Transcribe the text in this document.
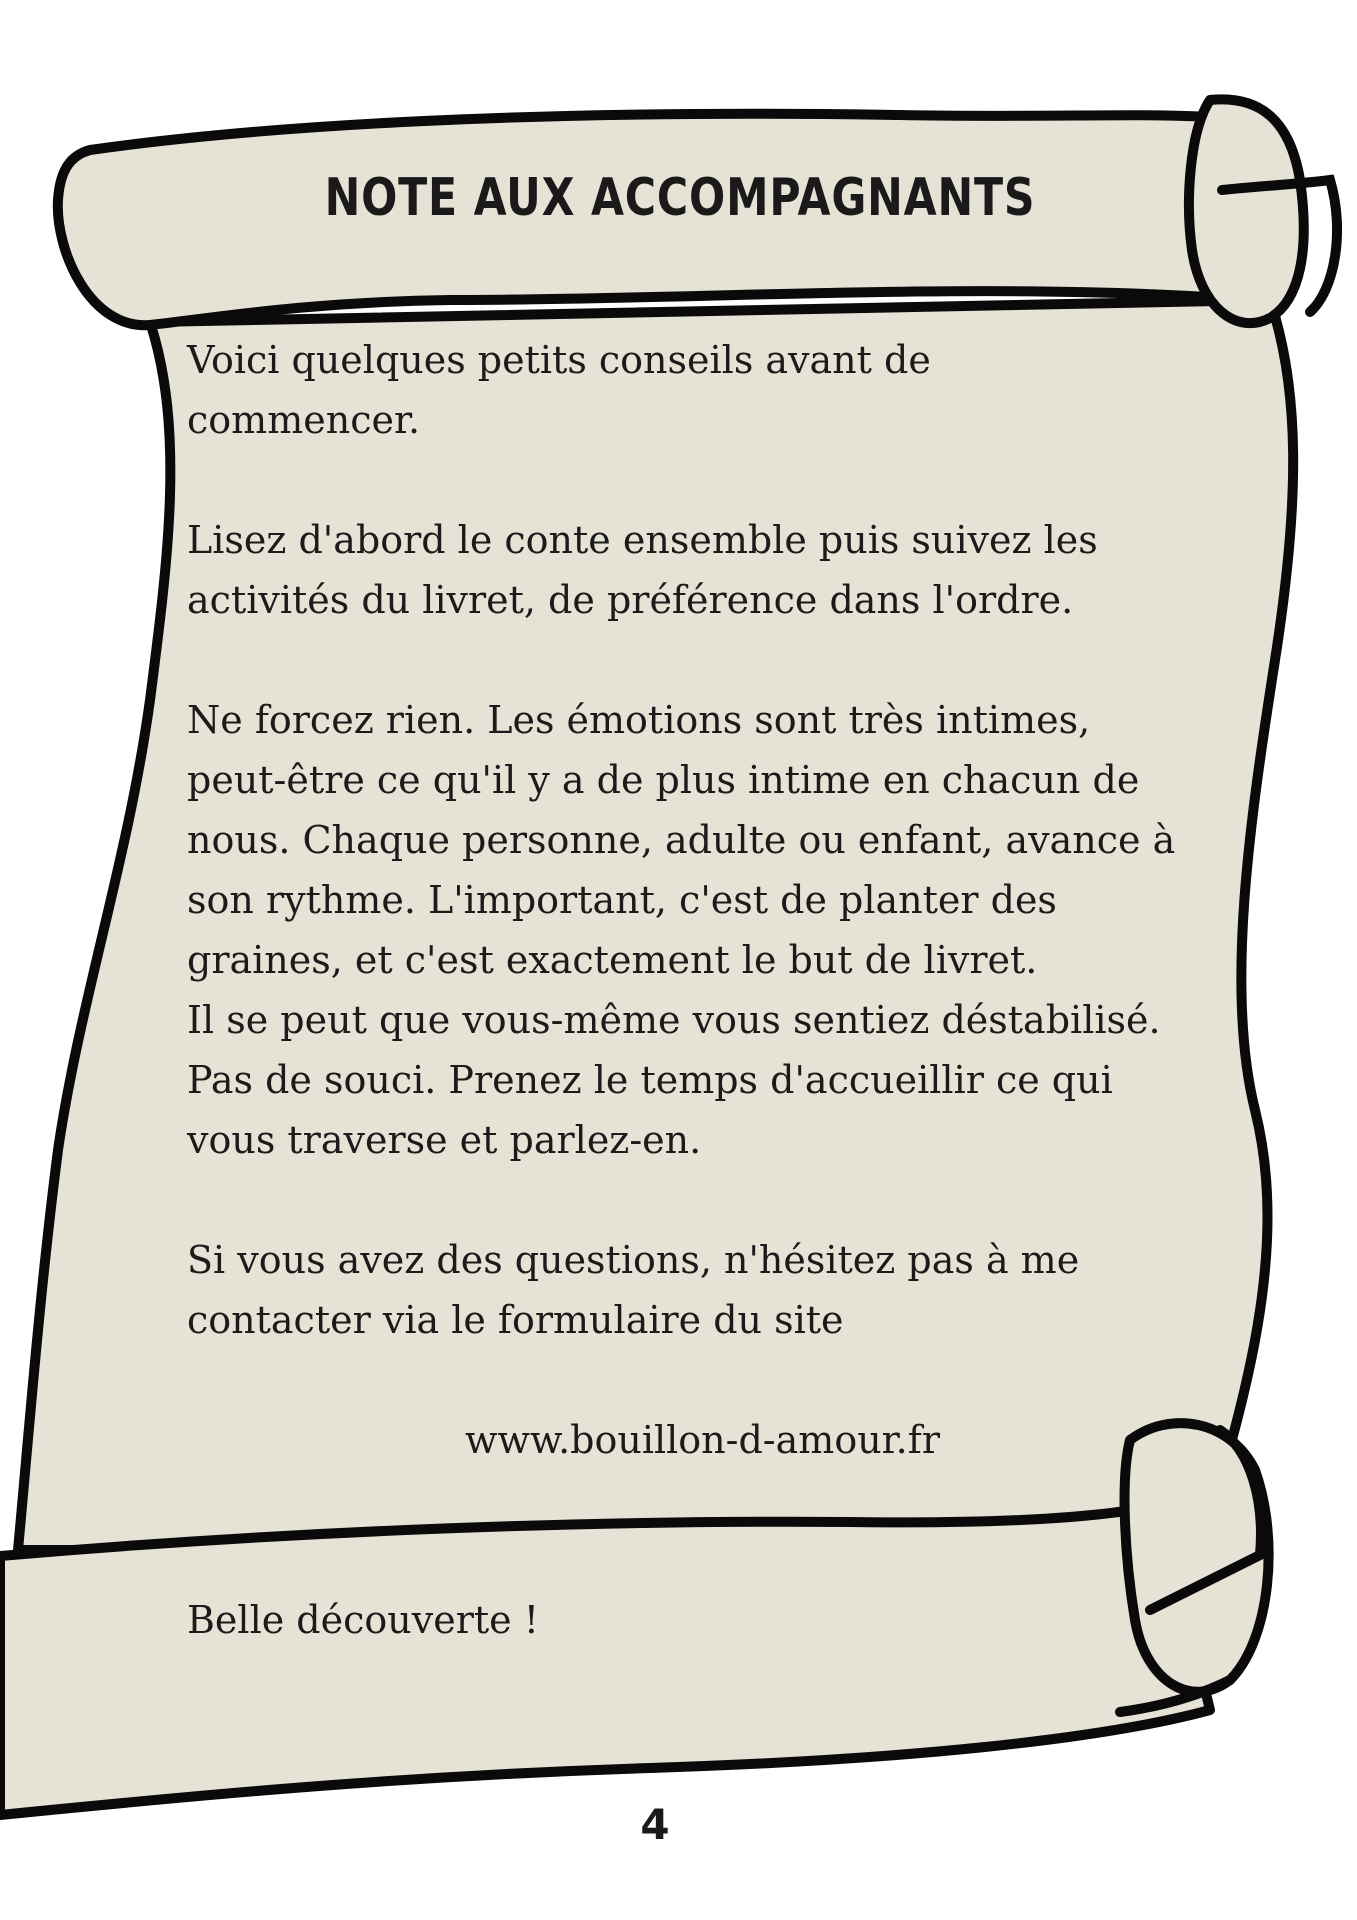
NOTE AUX ACCOMPAGNANTS

Voici quelques petits conseils avant de
commencer.

Lisez d'abord le conte ensemble puis suivez les
activités du livret, de préférence dans l'ordre.

Ne forcez rien. Les émotions sont très intimes,
peut-être ce qu'il y a de plus intime en chacun de
nous. Chaque personne, adulte ou enfant, avance à
son rythme. L'important, c'est de planter des
graines, et c'est exactement le but de livret.
Il se peut que vous-même vous sentiez déstabilisé.
Pas de souci. Prenez le temps d'accueillir ce qui
vous traverse et parlez-en.

Si vous avez des questions, n'hésitez pas à me
contacter via le formulaire du site

www.bouillon-d-amour.fr

Belle découverte !

4
